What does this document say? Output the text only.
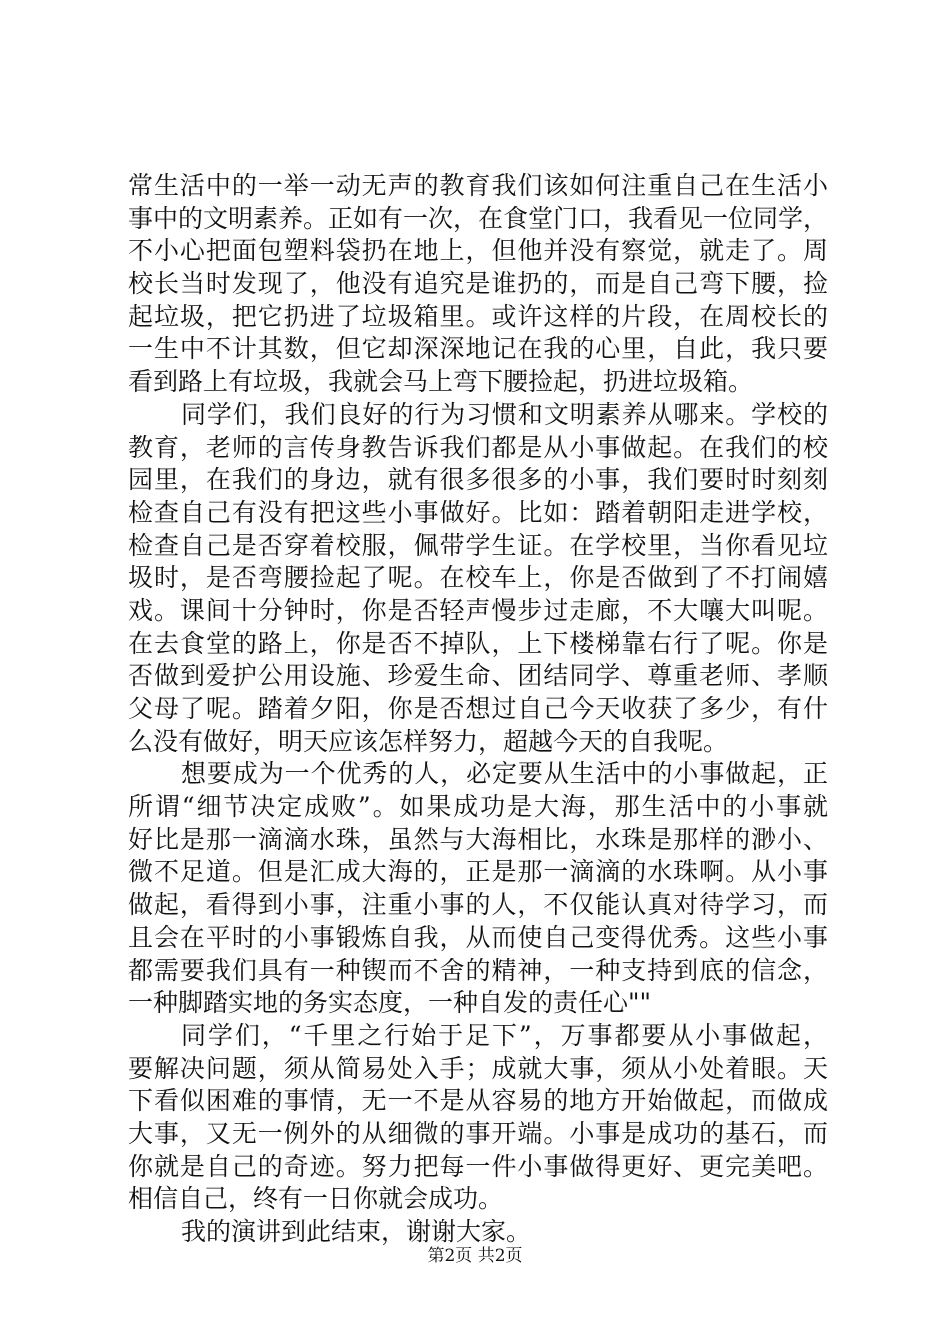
常生活中的一举一动无声的教育我们该如何注重自己在生活小
事中的文明素养。正如有一次，在食堂门口，我看见一位同学，
不小心把面包塑料袋扔在地上，但他并没有察觉，就走了。周
校长当时发现了，他没有追究是谁扔的，而是自己弯下腰，捡
起垃圾，把它扔进了垃圾箱里。或许这样的片段，在周校长的
一生中不计其数，但它却深深地记在我的心里，自此，我只要
看到路上有垃圾，我就会马上弯下腰捡起，扔进垃圾箱。
同学们，我们良好的行为习惯和文明素养从哪来。学校的
教育，老师的言传身教告诉我们都是从小事做起。在我们的校
园里，在我们的身边，就有很多很多的小事，我们要时时刻刻
检查自己有没有把这些小事做好。比如：踏着朝阳走进学校，
检查自己是否穿着校服，佩带学生证。在学校里，当你看见垃
圾时，是否弯腰捡起了呢。在校车上，你是否做到了不打闹嬉
戏。课间十分钟时，你是否轻声慢步过走廊，不大嚷大叫呢。
在去食堂的路上，你是否不掉队，上下楼梯靠右行了呢。你是
否做到爱护公用设施、珍爱生命、团结同学、尊重老师、孝顺
父母了呢。踏着夕阳，你是否想过自己今天收获了多少，有什
么没有做好，明天应该怎样努力，超越今天的自我呢。
想要成为一个优秀的人，必定要从生活中的小事做起，正
所谓“细节决定成败”。如果成功是大海，那生活中的小事就
好比是那一滴滴水珠，虽然与大海相比，水珠是那样的渺小、
微不足道。但是汇成大海的，正是那一滴滴的水珠啊。从小事
做起，看得到小事，注重小事的人，不仅能认真对待学习，而
且会在平时的小事锻炼自我，从而使自己变得优秀。这些小事
都需要我们具有一种锲而不舍的精神，一种支持到底的信念，
一种脚踏实地的务实态度，一种自发的责任心""
同学们，“千里之行始于足下”，万事都要从小事做起，
要解决问题，须从简易处入手；成就大事，须从小处着眼。天
下看似困难的事情，无一不是从容易的地方开始做起，而做成
大事，又无一例外的从细微的事开端。小事是成功的基石，而
你就是自己的奇迹。努力把每一件小事做得更好、更完美吧。
相信自己，终有一日你就会成功。
我的演讲到此结束，谢谢大家。
第2页 共2页
